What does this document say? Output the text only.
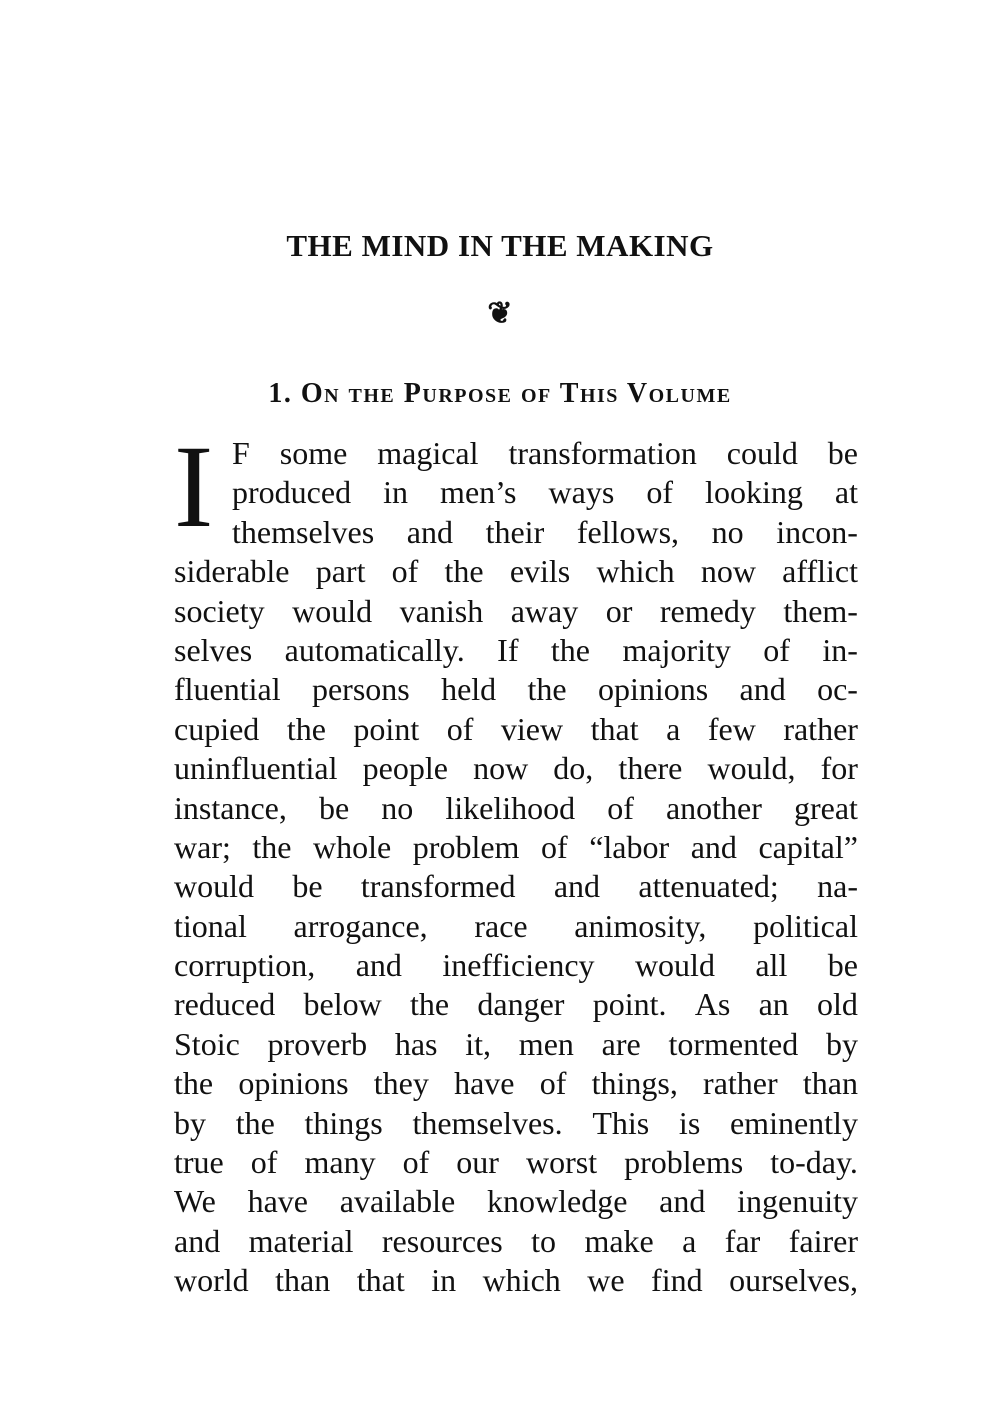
THE MIND IN THE MAKING
❦
1. On the Purpose of This Volume
I F some magical transformation could be
produced in men’s ways of looking at
themselves and their fellows, no incon-
siderable part of the evils which now afflict
society would vanish away or remedy them-
selves automatically. If the majority of in-
fluential persons held the opinions and oc-
cupied the point of view that a few rather
uninfluential people now do, there would, for
instance, be no likelihood of another great
war; the whole problem of “labor and capital”
would be transformed and attenuated; na-
tional arrogance, race animosity, political
corruption, and inefficiency would all be
reduced below the danger point. As an old
Stoic proverb has it, men are tormented by
the opinions they have of things, rather than
by the things themselves. This is eminently
true of many of our worst problems to-day.
We have available knowledge and ingenuity
and material resources to make a far fairer
world than that in which we find ourselves,
